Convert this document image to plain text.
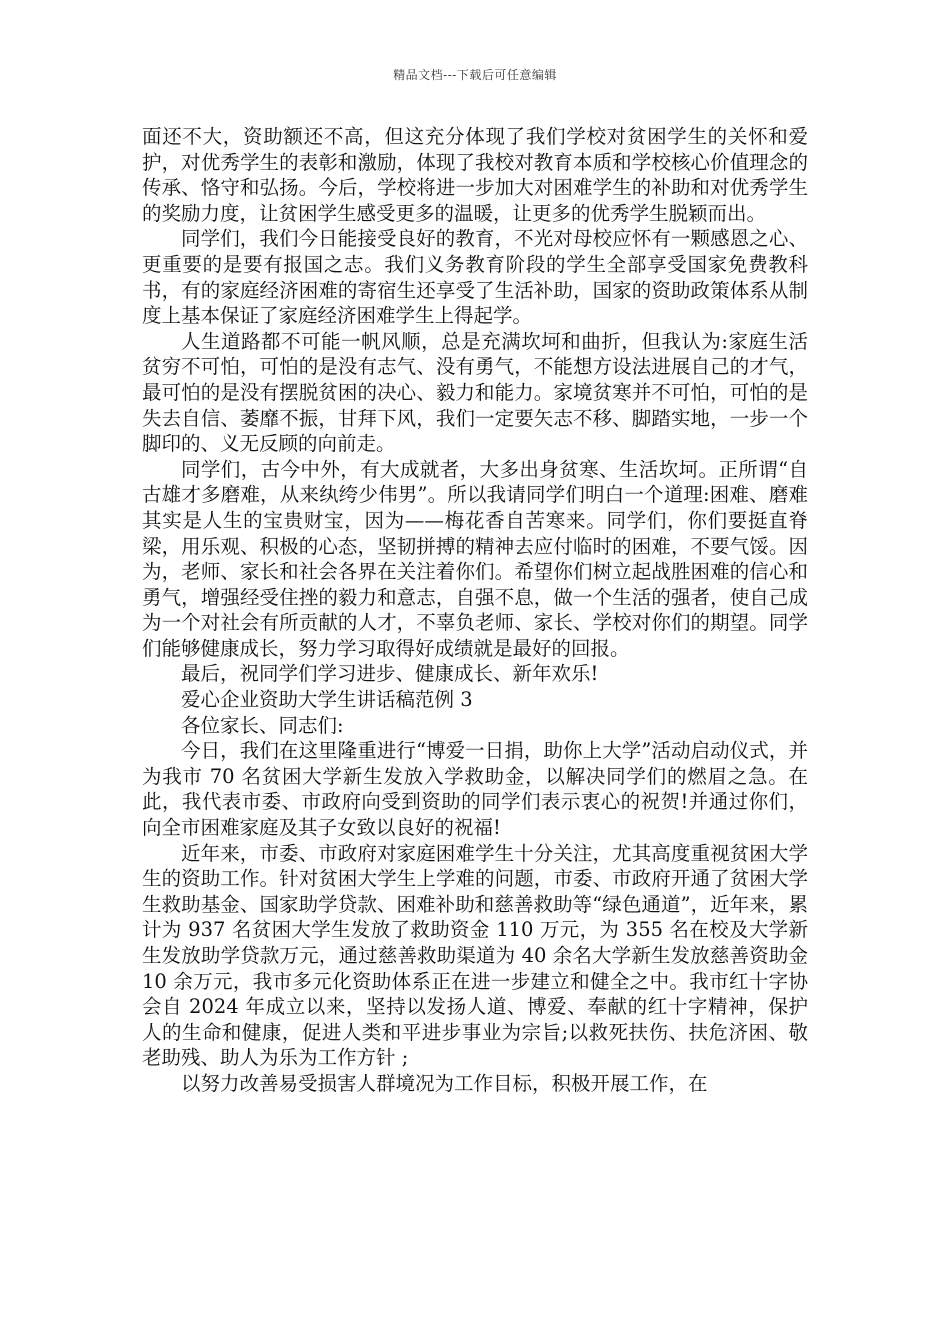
精品文档---下载后可任意编辑

面还不大，资助额还不高，但这充分体现了我们学校对贫困学生的关怀和爱护，对优秀学生的表彰和激励，体现了我校对教育本质和学校核心价值理念的传承、恪守和弘扬。今后，学校将进一步加大对困难学生的补助和对优秀学生的奖励力度，让贫困学生感受更多的温暖，让更多的优秀学生脱颖而出。

同学们，我们今日能接受良好的教育，不光对母校应怀有一颗感恩之心、更重要的是要有报国之志。我们义务教育阶段的学生全部享受国家免费教科书，有的家庭经济困难的寄宿生还享受了生活补助，国家的资助政策体系从制度上基本保证了家庭经济困难学生上得起学。

人生道路都不可能一帆风顺，总是充满坎坷和曲折，但我认为:家庭生活贫穷不可怕，可怕的是没有志气、没有勇气，不能想方设法进展自己的才气，最可怕的是没有摆脱贫困的决心、毅力和能力。家境贫寒并不可怕，可怕的是失去自信、萎靡不振，甘拜下风，我们一定要矢志不移、脚踏实地，一步一个脚印的、义无反顾的向前走。

同学们，古今中外，有大成就者，大多出身贫寒、生活坎坷。正所谓“自古雄才多磨难，从来纨绔少伟男”。所以我请同学们明白一个道理:困难、磨难其实是人生的宝贵财宝，因为——梅花香自苦寒来。同学们，你们要挺直脊梁，用乐观、积极的心态，坚韧拼搏的精神去应付临时的困难，不要气馁。因为，老师、家长和社会各界在关注着你们。希望你们树立起战胜困难的信心和勇气，增强经受住挫的毅力和意志，自强不息，做一个生活的强者，使自己成为一个对社会有所贡献的人才，不辜负老师、家长、学校对你们的期望。同学们能够健康成长，努力学习取得好成绩就是最好的回报。

最后，祝同学们学习进步、健康成长、新年欢乐!

爱心企业资助大学生讲话稿范例 3

各位家长、同志们:

今日，我们在这里隆重进行“博爱一日捐，助你上大学”活动启动仪式，并为我市 70 名贫困大学新生发放入学救助金，以解决同学们的燃眉之急。在此，我代表市委、市政府向受到资助的同学们表示衷心的祝贺!并通过你们，向全市困难家庭及其子女致以良好的祝福!

近年来，市委、市政府对家庭困难学生十分关注，尤其高度重视贫困大学生的资助工作。针对贫困大学生上学难的问题，市委、市政府开通了贫困大学生救助基金、国家助学贷款、困难补助和慈善救助等“绿色通道”，近年来，累计为 937 名贫困大学生发放了救助资金 110 万元，为 355 名在校及大学新生发放助学贷款万元，通过慈善救助渠道为 40 余名大学新生发放慈善资助金 10 余万元，我市多元化资助体系正在进一步建立和健全之中。我市红十字协会自 2024 年成立以来，坚持以发扬人道、博爱、奉献的红十字精神，保护人的生命和健康，促进人类和平进步事业为宗旨;以救死扶伤、扶危济困、敬老助残、助人为乐为工作方针 ;

以努力改善易受损害人群境况为工作目标，积极开展工作，在
